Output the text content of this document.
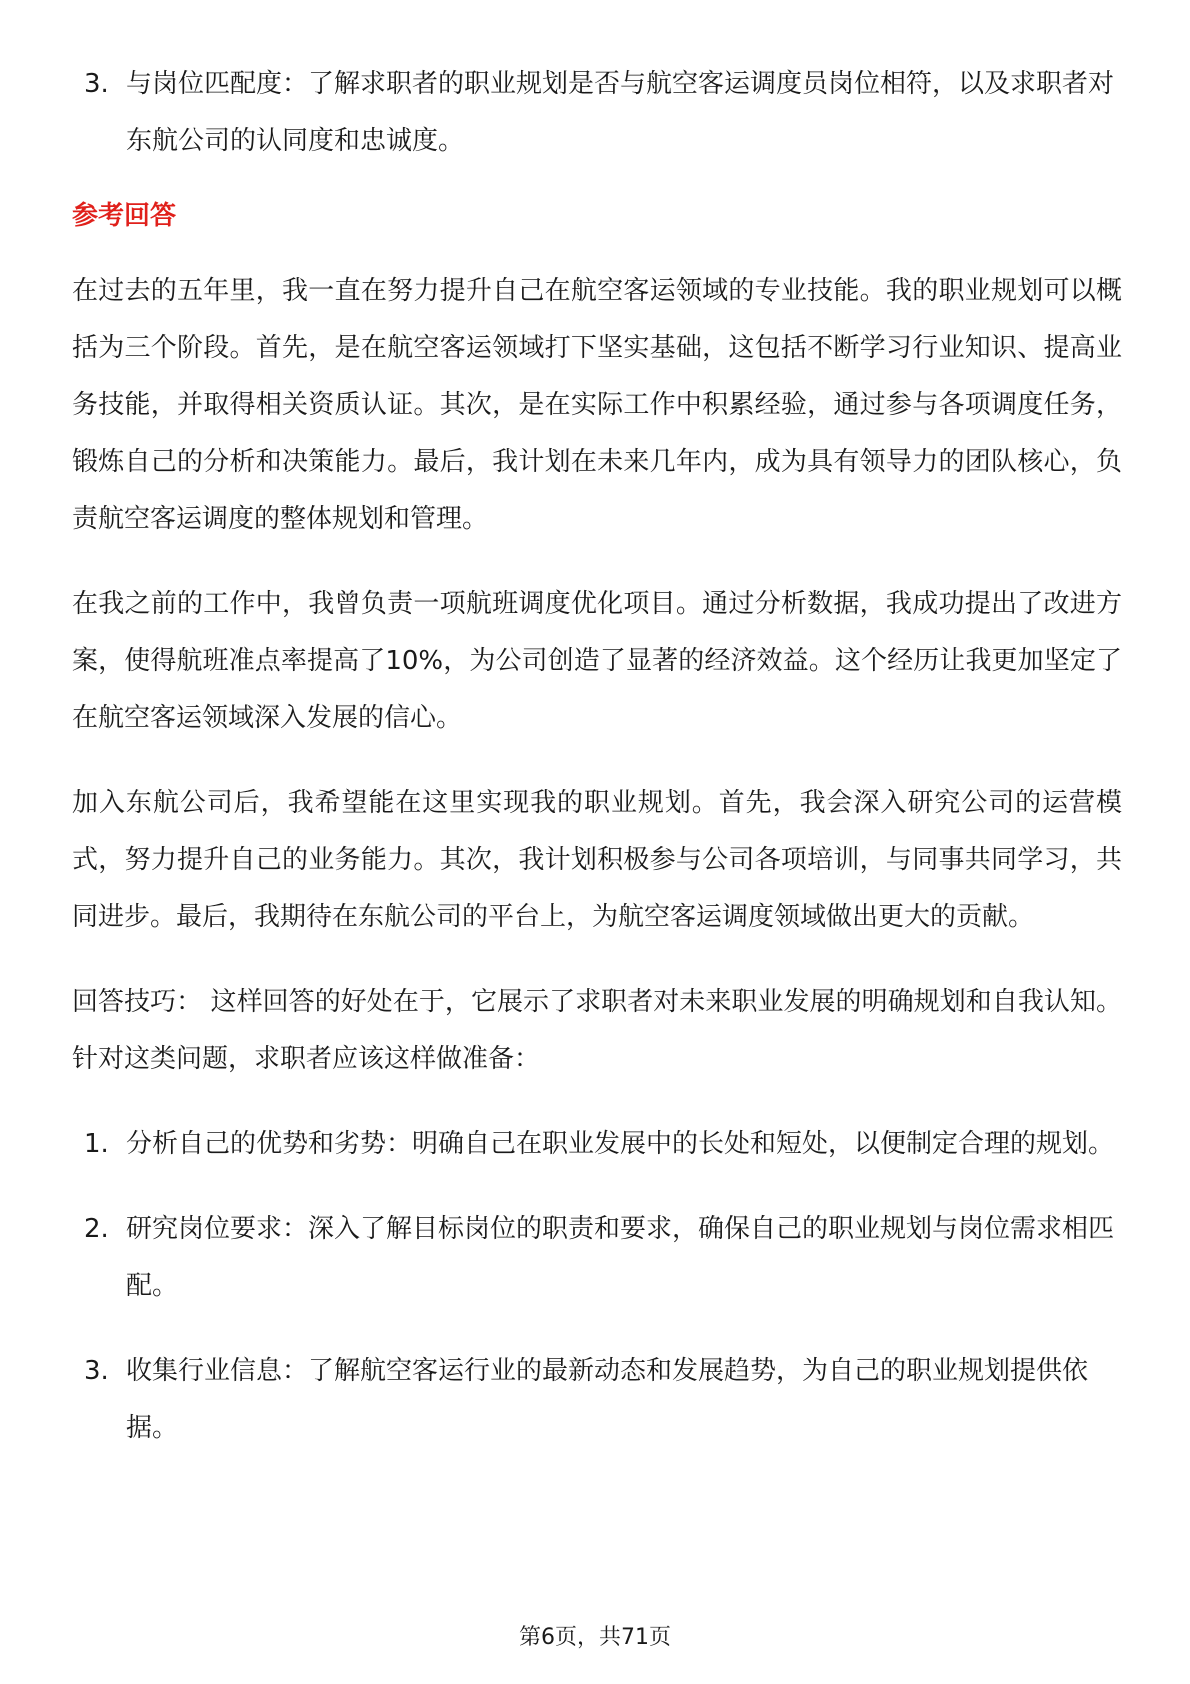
3. 与岗位匹配度：了解求职者的职业规划是否与航空客运调度员岗位相符，以及求职者对东航公司的认同度和忠诚度。

参考回答

在过去的五年里，我一直在努力提升自己在航空客运领域的专业技能。我的职业规划可以概括为三个阶段。首先，是在航空客运领域打下坚实基础，这包括不断学习行业知识、提高业务技能，并取得相关资质认证。其次，是在实际工作中积累经验，通过参与各项调度任务，锻炼自己的分析和决策能力。最后，我计划在未来几年内，成为具有领导力的团队核心，负责航空客运调度的整体规划和管理。

在我之前的工作中，我曾负责一项航班调度优化项目。通过分析数据，我成功提出了改进方案，使得航班准点率提高了10%，为公司创造了显著的经济效益。这个经历让我更加坚定了在航空客运领域深入发展的信心。

加入东航公司后，我希望能在这里实现我的职业规划。首先，我会深入研究公司的运营模式，努力提升自己的业务能力。其次，我计划积极参与公司各项培训，与同事共同学习，共同进步。最后，我期待在东航公司的平台上，为航空客运调度领域做出更大的贡献。

回答技巧： 这样回答的好处在于，它展示了求职者对未来职业发展的明确规划和自我认知。针对这类问题，求职者应该这样做准备：

1. 分析自己的优势和劣势：明确自己在职业发展中的长处和短处，以便制定合理的规划。

2. 研究岗位要求：深入了解目标岗位的职责和要求，确保自己的职业规划与岗位需求相匹配。

3. 收集行业信息：了解航空客运行业的最新动态和发展趋势，为自己的职业规划提供依据。

第6页，共71页
